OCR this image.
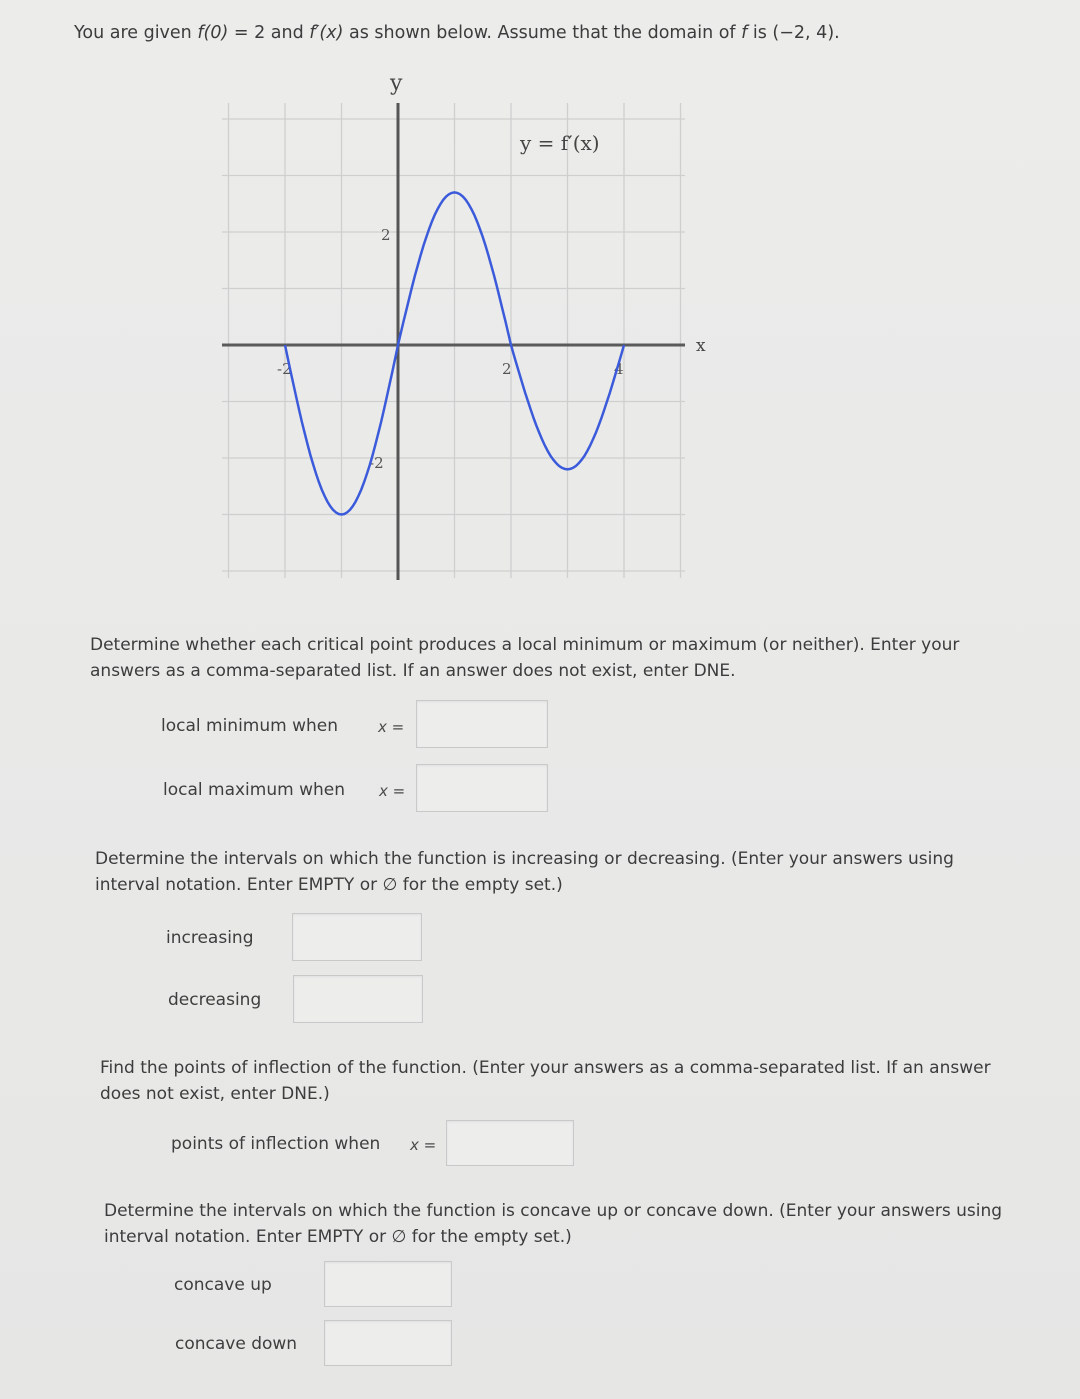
You are given f(0) = 2 and f′(x) as shown below. Assume that the domain of f is (−2, 4).
y
x
y = f′(x)
2
-2
-2	2	4
Determine whether each critical point produces a local minimum or maximum (or neither). Enter your answers as a comma-separated list. If an answer does not exist, enter DNE.
local minimum when	x =
local maximum when x =
Determine the intervals on which the function is increasing or decreasing. (Enter your answers using interval notation. Enter EMPTY or ∅ for the empty set.)
increasing
decreasing
Find the points of inflection of the function. (Enter your answers as a comma-separated list. If an answer does not exist, enter DNE.)
points of inflection when x =
Determine the intervals on which the function is concave up or concave down. (Enter your answers using interval notation. Enter EMPTY or ∅ for the empty set.)
concave up
concave down
